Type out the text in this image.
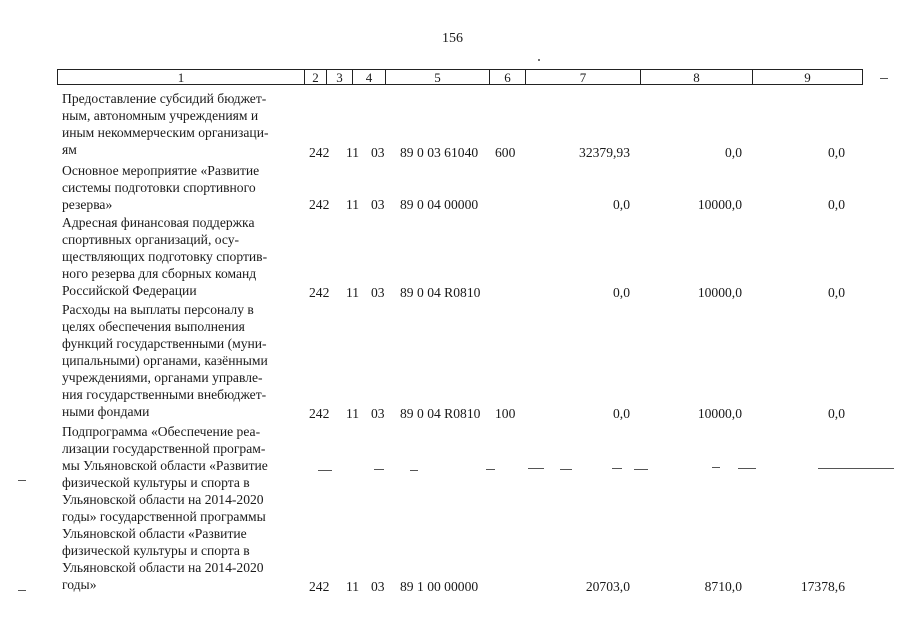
156
1	2	3	4	5	6	7	8	9
Предоставление субсидий бюджет-
ным, автономным учреждениям и
иным некоммерческим организаци-
ям	242 11 03 89 0 03 61040 600	32379,93	0,0	0,0
Основное мероприятие «Развитие
системы подготовки спортивного
резерва»	242 11 03 89 0 04 00000	0,0	10000,0	0,0
Адресная финансовая поддержка
спортивных организаций, осу-
ществляющих подготовку спортив-
ного резерва для сборных команд
Российской Федерации	242 11 03 89 0 04 R0810	0,0	10000,0	0,0
Расходы на выплаты персоналу в
целях обеспечения выполнения
функций государственными (муни-
ципальными) органами, казёнными
учреждениями, органами управле-
ния государственными внебюджет-
ными фондами	242 11 03 89 0 04 R0810 100	0,0	10000,0	0,0
Подпрограмма «Обеспечение реа-
лизации государственной програм-
мы Ульяновской области «Развитие
физической культуры и спорта в
Ульяновской области на 2014-2020
годы» государственной программы
Ульяновской области «Развитие
физической культуры и спорта в
Ульяновской области на 2014-2020
годы»	242 11 03 89 1 00 00000	20703,0	8710,0	17378,6
